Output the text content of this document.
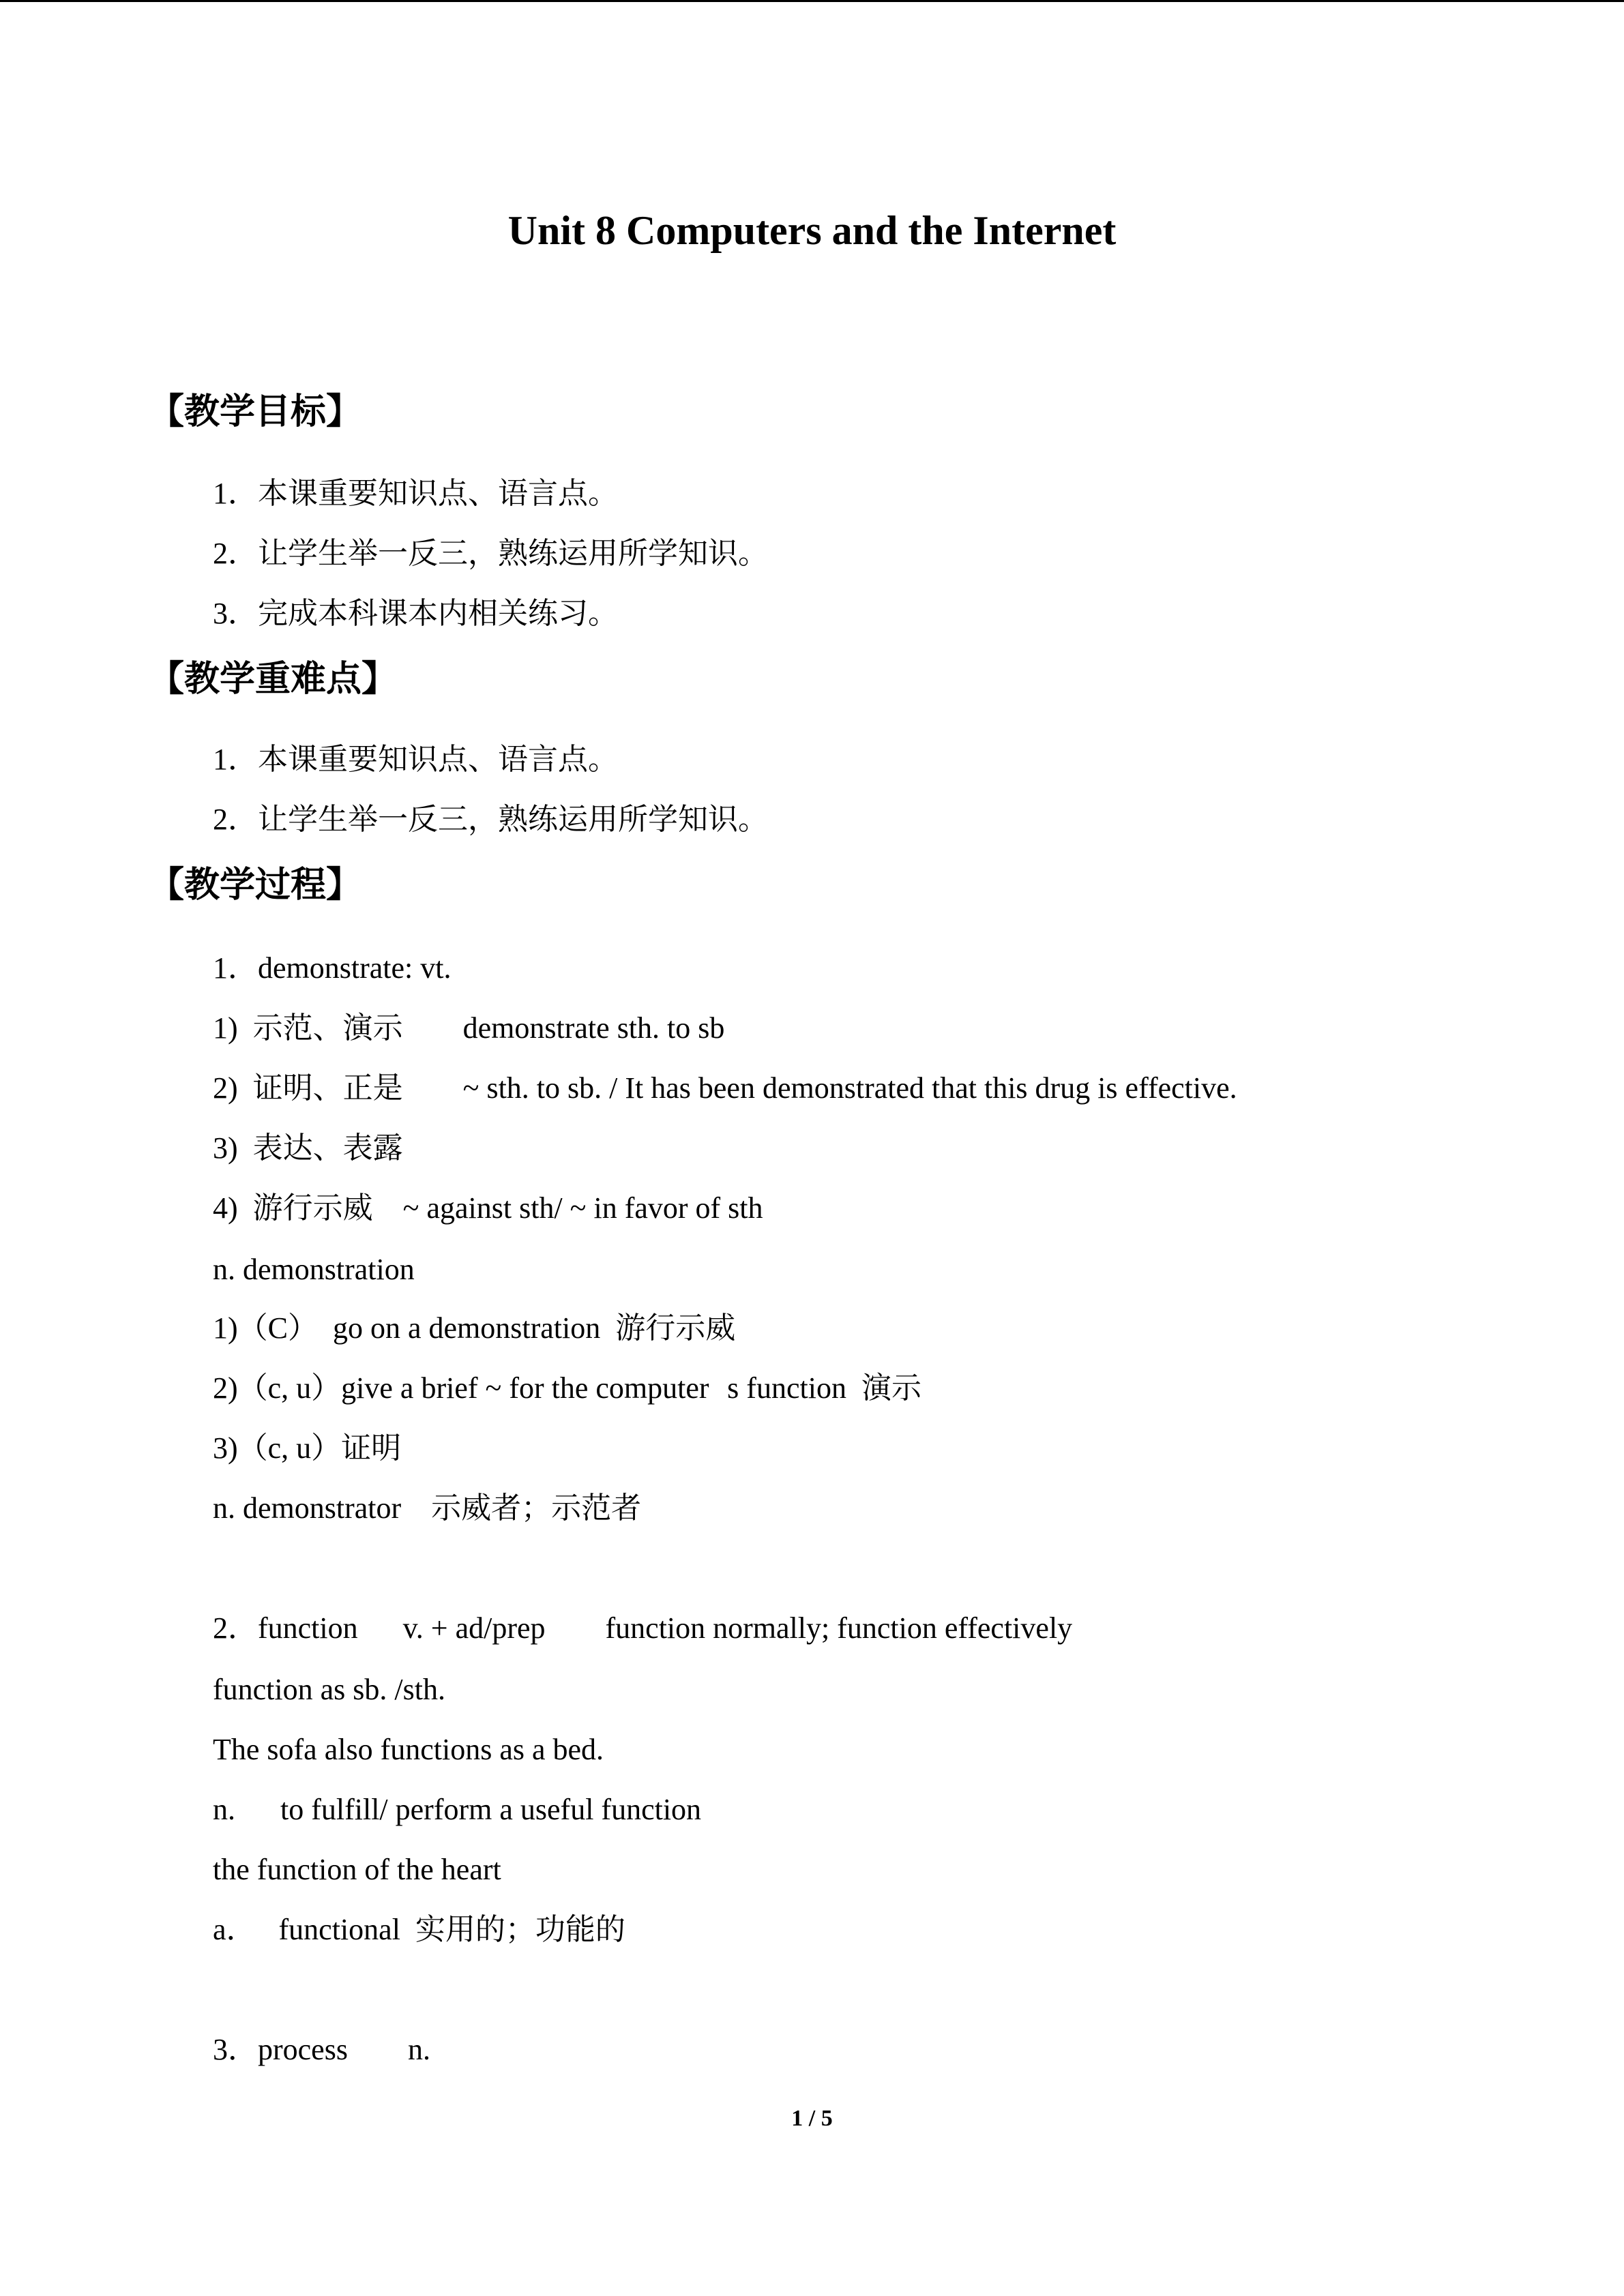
Unit 8 Computers and the Internet
【教学目标】
1．本课重要知识点、语言点。
2．让学生举一反三，熟练运用所学知识。
3．完成本科课本内相关练习。
【教学重难点】
1．本课重要知识点、语言点。
2．让学生举一反三，熟练运用所学知识。
【教学过程】
1．demonstrate: vt.
1)  示范、演示        demonstrate sth. to sb
2)  证明、正是        ~ sth. to sb. / It has been demonstrated that this drug is effective.
3)  表达、表露
4)  游行示威    ~ against sth/ ~ in favor of sth
n. demonstration
1)（C）  go on a demonstration  游行示威
2)（c, u）give a brief ~ for the computers function  演示
3)（c, u）证明
n. demonstrator    示威者；示范者
2．function      v. + ad/prep        function normally; function effectively
function as sb. /sth.
The sofa also functions as a bed.
n.      to fulfill/ perform a useful function
the function of the heart
a．   functional  实用的；功能的
3．process        n.
1 / 5
